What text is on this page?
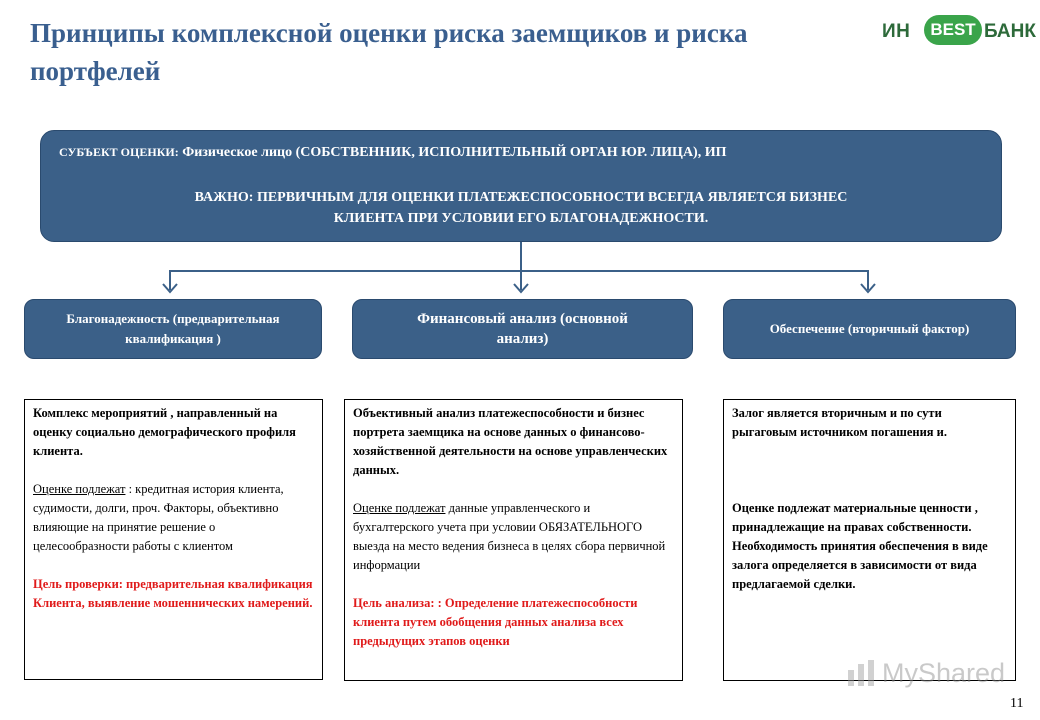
Принципы комплексной оценки риска заемщиков и риска портфелей
ИН	BEST БАНК
СУБЪЕКТ ОЦЕНКИ: Физическое лицо (СОБСТВЕННИК, ИСПОЛНИТЕЛЬНЫЙ ОРГАН ЮР. ЛИЦА), ИП
ВАЖНО: ПЕРВИЧНЫМ ДЛЯ ОЦЕНКИ ПЛАТЕЖЕСПОСОБНОСТИ ВСЕГДА ЯВЛЯЕТСЯ БИЗНЕС
КЛИЕНТА ПРИ УСЛОВИИ ЕГО БЛАГОНАДЕЖНОСТИ.
Благонадежность (предварительная
квалификация )
Финансовый анализ (основной
анализ)
Обеспечение (вторичный фактор)

Комплекс мероприятий , направленный на оценку социально демографического профиля клиента.

Оценке подлежат : кредитная история клиента, судимости, долги, проч. Факторы, объективно влияющие на принятие решение о целесообразности работы с клиентом

Цель проверки: предварительная квалификация Клиента, выявление мошеннических намерений.

Объективный анализ платежеспособности и бизнес портрета заемщика на основе данных о финансово-хозяйственной деятельности на основе управленческих данных.

Оценке подлежат данные управленческого и бухгалтерского учета при условии ОБЯЗАТЕЛЬНОГО выезда на место ведения бизнеса в целях сбора первичной информации

Цель анализа: : Определение платежеспособности клиента путем обобщения данных анализа всех предыдущих этапов оценки

Залог является вторичным и по сути рыгаговым источником погашения и.

Оценке подлежат материальные ценности , принадлежащие на правах собственности. Необходимость принятия обеспечения в виде залога определяется в зависимости от вида предлагаемой сделки.

MyShared
11
